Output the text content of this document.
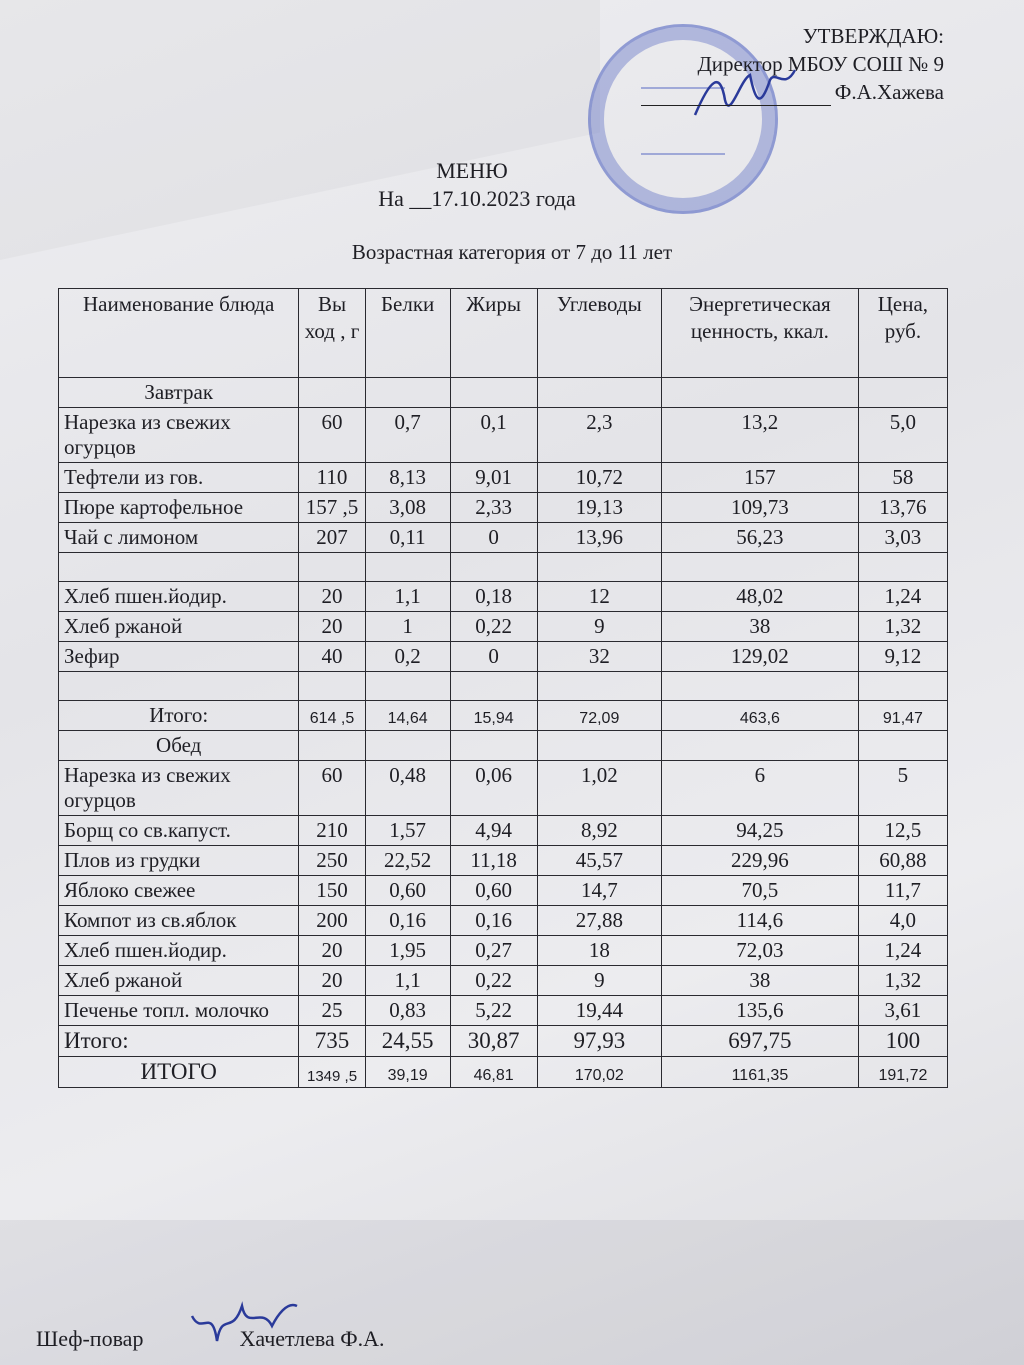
УТВЕРЖДАЮ:
Директор МБОУ СОШ № 9
Ф.А.Хажева
МЕНЮ
На __17.10.2023 года
Возрастная категория от 7 до 11 лет
Наименование блюда	Вы ход , г	Белки	Жиры	Углеводы	Энергетическая ценность, ккал.	Цена, руб.
Завтрак						
Нарезка из свежих огурцов	60	0,7	0,1	2,3	13,2	5,0
Тефтели из гов.	110	8,13	9,01	10,72	157	58
Пюре картофельное	157 ,5	3,08	2,33	19,13	109,73	13,76
Чай с лимоном	207	0,11	0	13,96	56,23	3,03

Хлеб пшен.йодир.	20	1,1	0,18	12	48,02	1,24
Хлеб ржаной	20	1	0,22	9	38	1,32
Зефир	40	0,2	0	32	129,02	9,12

Итого:	614 ,5	14,64	15,94	72,09	463,6	91,47
Обед						
Нарезка из свежих огурцов	60	0,48	0,06	1,02	6	5
Борщ со св.капуст.	210	1,57	4,94	8,92	94,25	12,5
Плов из грудки	250	22,52	11,18	45,57	229,96	60,88
Яблоко свежее	150	0,60	0,60	14,7	70,5	11,7
Компот из св.яблок	200	0,16	0,16	27,88	114,6	4,0
Хлеб пшен.йодир.	20	1,95	0,27	18	72,03	1,24
Хлеб ржаной	20	1,1	0,22	9	38	1,32
Печенье топл. молочко	25	0,83	5,22	19,44	135,6	3,61
Итого:	735	24,55	30,87	97,93	697,75	100
ИТОГО	1349 ,5	39,19	46,81	170,02	1161,35	191,72
Шеф-повар	Хачетлева Ф.А.
